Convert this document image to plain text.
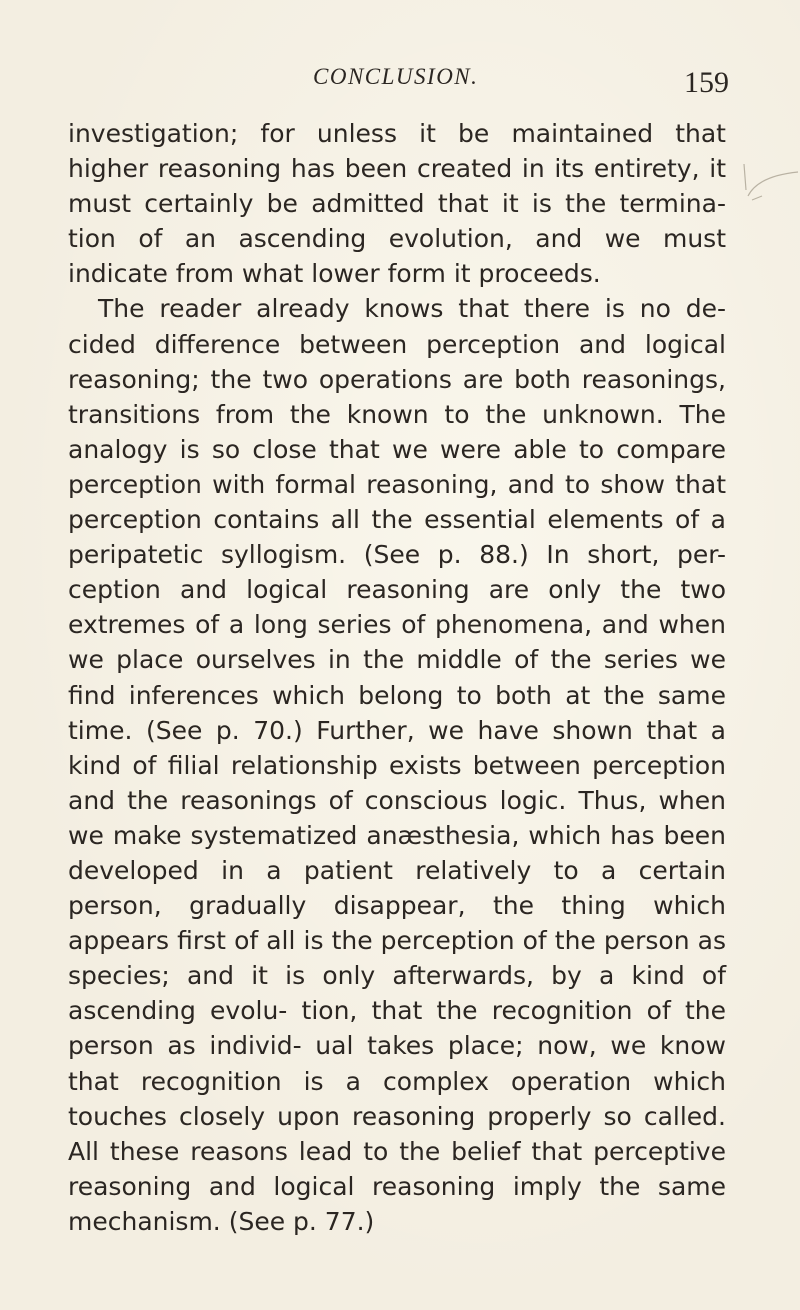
CONCLUSION.	159

investigation; for unless it be maintained that higher reasoning has been created in its entirety, it must certainly be admitted that it is the termina- tion of an ascending evolution, and we must indicate from what lower form it proceeds.

The reader already knows that there is no de- cided difference between perception and logical reasoning; the two operations are both reasonings, transitions from the known to the unknown. The analogy is so close that we were able to compare perception with formal reasoning, and to show that perception contains all the essential elements of a peripatetic syllogism. (See p. 88.) In short, per- ception and logical reasoning are only the two extremes of a long series of phenomena, and when we place ourselves in the middle of the series we find inferences which belong to both at the same time. (See p. 70.) Further, we have shown that a kind of filial relationship exists between perception and the reasonings of conscious logic. Thus, when we make systematized anæsthesia, which has been developed in a patient relatively to a certain person, gradually disappear, the thing which appears first of all is the perception of the person as species; and it is only afterwards, by a kind of ascending evolu- tion, that the recognition of the person as individ- ual takes place; now, we know that recognition is a complex operation which touches closely upon reasoning properly so called. All these reasons lead to the belief that perceptive reasoning and logical reasoning imply the same mechanism. (See p. 77.)
